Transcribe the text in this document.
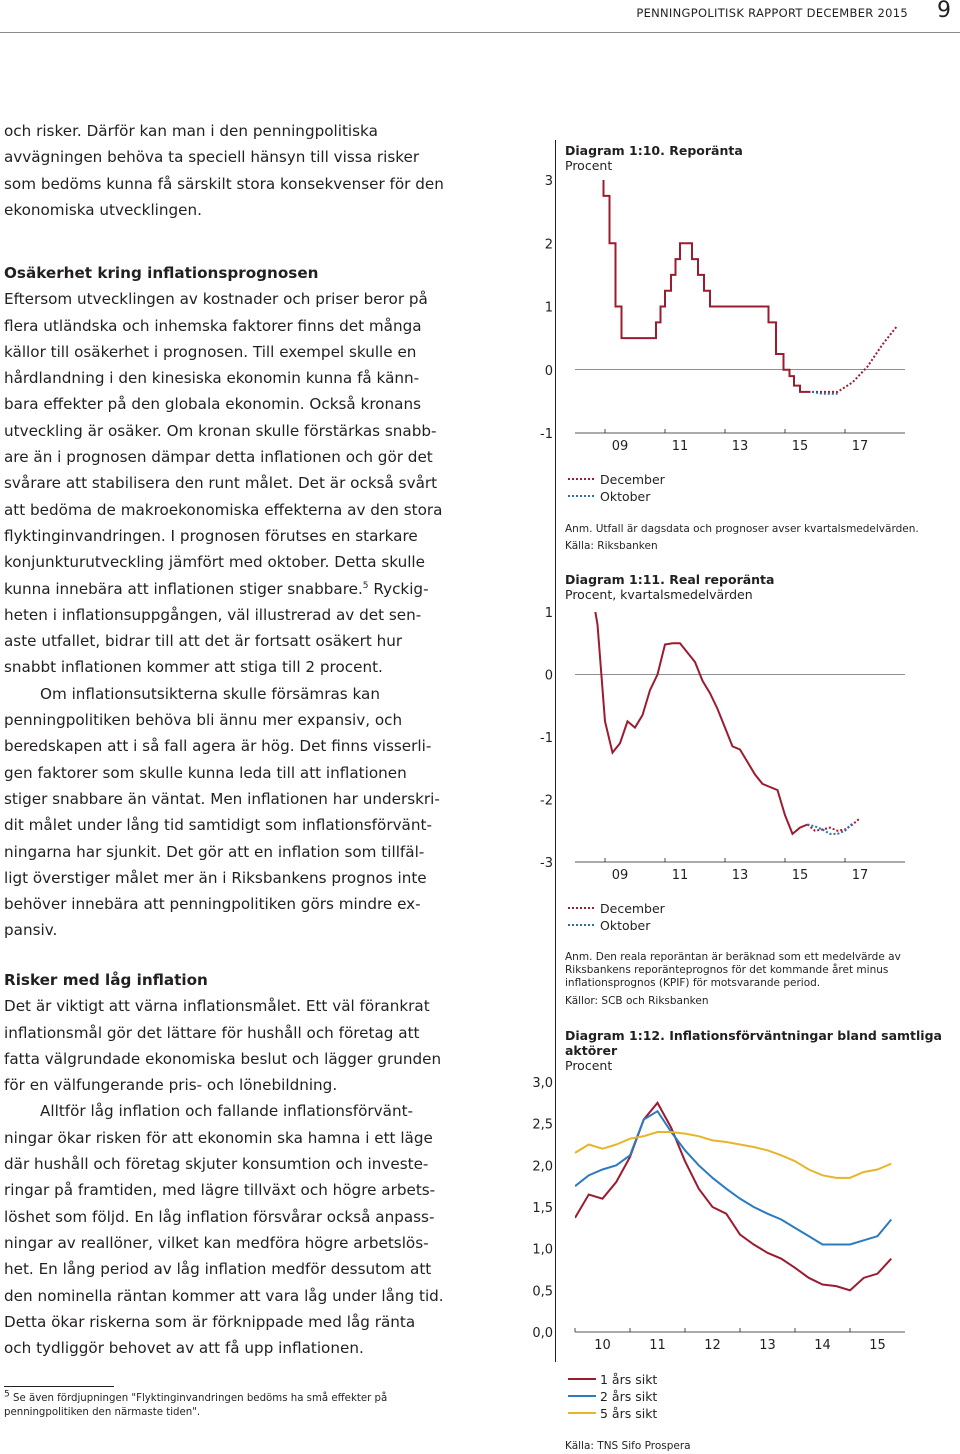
PENNINGPOLITISK RAPPORT DECEMBER 2015 9
och risker. Därför kan man i den penningpolitiska
avvägningen behöva ta speciell hänsyn till vissa risker
som bedöms kunna få särskilt stora konsekvenser för den
ekonomiska utvecklingen.
Osäkerhet kring inflationsprognosen
Eftersom utvecklingen av kostnader och priser beror på
flera utländska och inhemska faktorer finns det många
källor till osäkerhet i prognosen. Till exempel skulle en
hårdlandning i den kinesiska ekonomin kunna få känn-
bara effekter på den globala ekonomin. Också kronans
utveckling är osäker. Om kronan skulle förstärkas snabb-
are än i prognosen dämpar detta inflationen och gör det
svårare att stabilisera den runt målet. Det är också svårt
att bedöma de makroekonomiska effekterna av den stora
flyktinginvandringen. I prognosen förutses en starkare
konjunkturutveckling jämfört med oktober. Detta skulle
kunna innebära att inflationen stiger snabbare.$^5$ Ryckig-
heten i inflationsuppgången, väl illustrerad av det sen-
aste utfallet, bidrar till att det är fortsatt osäkert hur
snabbt inflationen kommer att stiga till 2 procent.
Om inflationsutsikterna skulle försämras kan
penningpolitiken behöva bli ännu mer expansiv, och
beredskapen att i så fall agera är hög. Det finns visserli-
gen faktorer som skulle kunna leda till att inflationen
stiger snabbare än väntat. Men inflationen har underskri-
dit målet under lång tid samtidigt som inflationsförvänt-
ningarna har sjunkit. Det gör att en inflation som tillfäl-
ligt överstiger målet mer än i Riksbankens prognos inte
behöver innebära att penningpolitiken görs mindre ex-
pansiv.
Risker med låg inflation
Det är viktigt att värna inflationsmålet. Ett väl förankrat
inflationsmål gör det lättare för hushåll och företag att
fatta välgrundade ekonomiska beslut och lägger grunden
för en välfungerande pris- och lönebildning.
Alltför låg inflation och fallande inflationsförvänt-
ningar ökar risken för att ekonomin ska hamna i ett läge
där hushåll och företag skjuter konsumtion och investe-
ringar på framtiden, med lägre tillväxt och högre arbets-
löshet som följd. En låg inflation försvårar också anpass-
ningar av reallöner, vilket kan medföra högre arbetslös-
het. En lång period av låg inflation medför dessutom att
den nominella räntan kommer att vara låg under lång tid.
Detta ökar riskerna som är förknippade med låg ränta
och tydliggör behovet av att få upp inflationen.
$^5$ Se även fördjupningen "Flyktinginvandringen bedöms ha små effekter på
penningpolitiken den närmaste tiden".
Diagram 1:10. Reporänta
Procent
3
2
1
0
-1
09	11	13	15	17
December
Oktober
Anm. Utfall är dagsdata och prognoser avser kvartalsmedelvärden.
Källa: Riksbanken
Diagram 1:11. Real reporänta
Procent, kvartalsmedelvärden
1
0
-1
-2
-3
09	11	13	15	17
December
Oktober
Anm. Den reala reporäntan är beräknad som ett medelvärde av
Riksbankens reporänteprognos för det kommande året minus
inflationsprognos (KPIF) för motsvarande period.
Källor: SCB och Riksbanken
Diagram 1:12. Inflationsförväntningar bland samtliga
aktörer
Procent
3,0
2,5
2,0
1,5
1,0
0,5
0,0
10	11	12	13	14	15
1 års sikt
2 års sikt
5 års sikt
Källa: TNS Sifo Prospera
